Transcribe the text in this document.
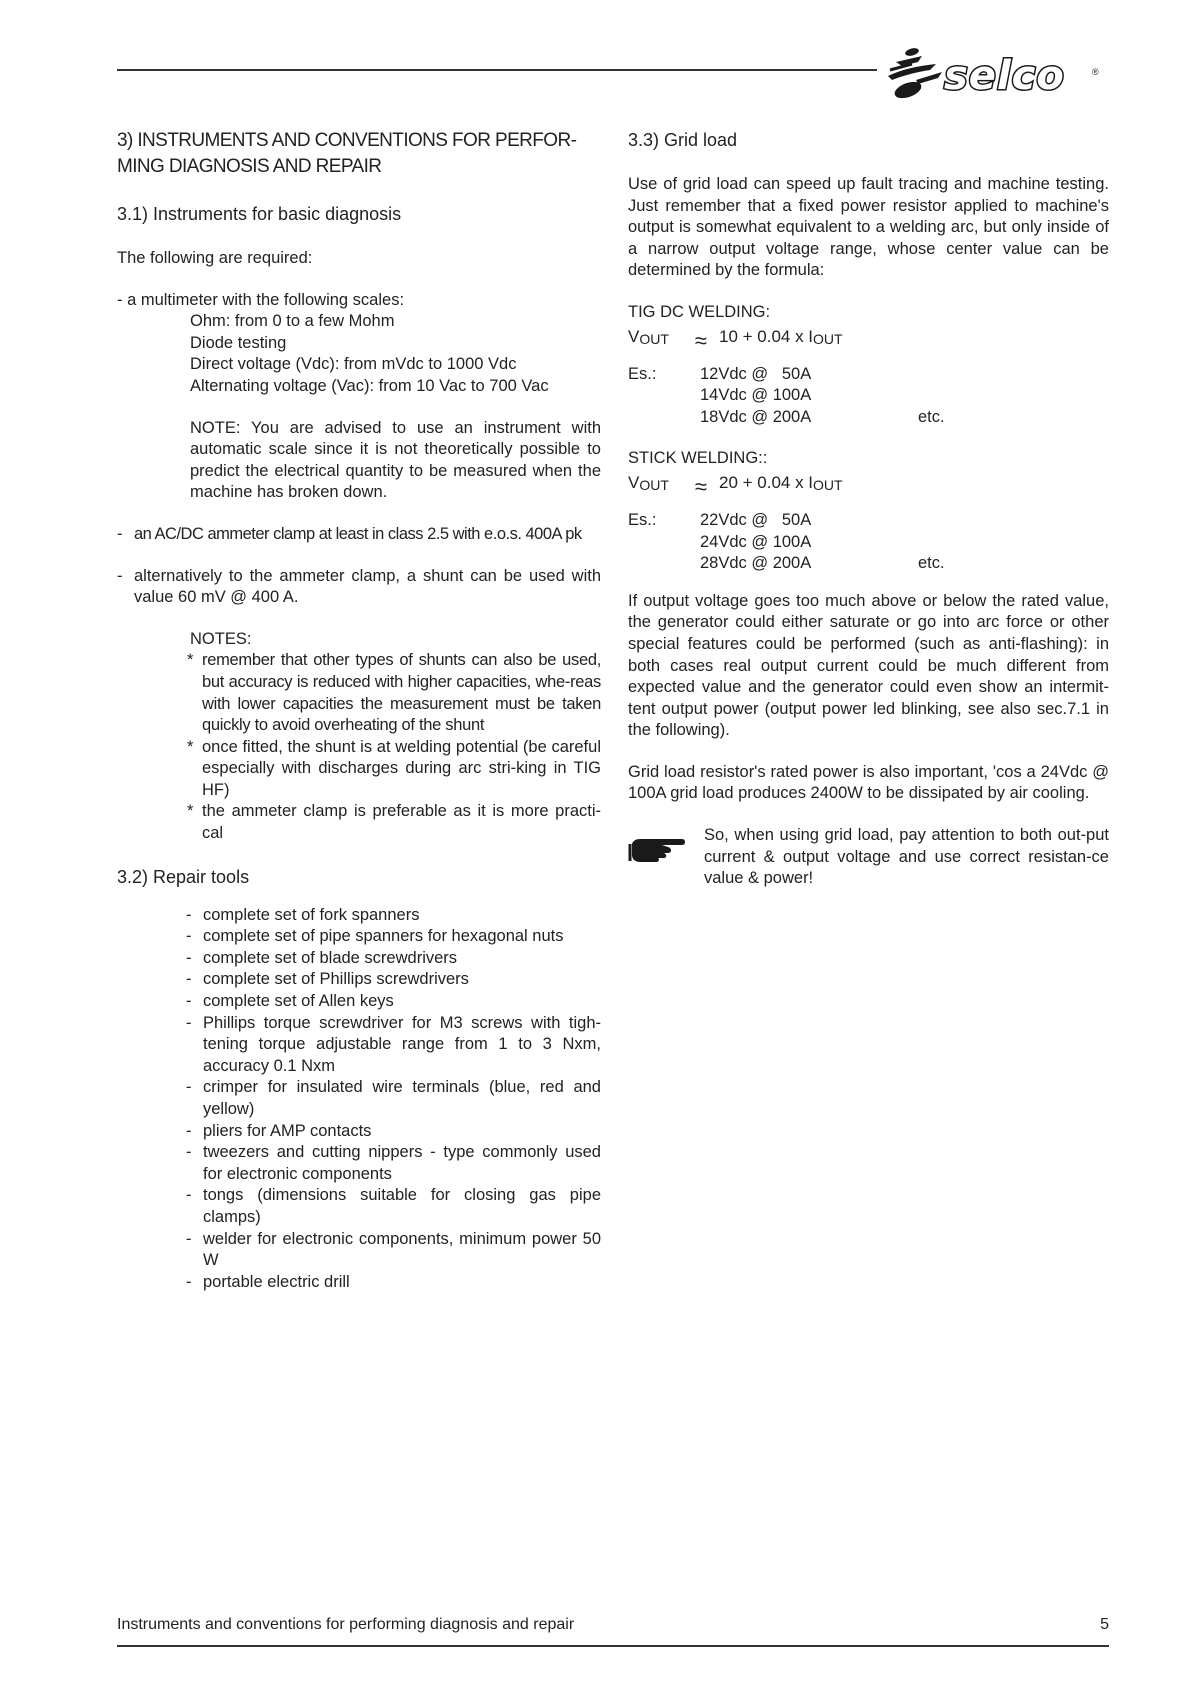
selco	®
3) INSTRUMENTS AND CONVENTIONS FOR PERFOR-
MING DIAGNOSIS AND REPAIR
3.1) Instruments for basic diagnosis
The following are required:
- a multimeter with the following scales:
Ohm: from 0 to a few Mohm
Diode testing
Direct voltage (Vdc): from mVdc to 1000 Vdc
Alternating voltage (Vac): from 10 Vac to 700 Vac
NOTE: You are advised to use an instrument with automatic scale since it is not theoretically possible to predict the electrical quantity to be measured when the machine has broken down.
- an AC/DC ammeter clamp at least in class 2.5 with e.o.s. 400A pk
- alternatively to the ammeter clamp, a shunt can be used with value 60 mV @ 400 A.
NOTES:
* remember that other types of shunts can also be used, but accuracy is reduced with higher capacities, whe-reas with lower capacities the measurement must be taken quickly to avoid overheating of the shunt
* once fitted, the shunt is at welding potential (be careful especially with discharges during arc stri-king in TIG HF)
* the ammeter clamp is preferable as it is more practi-cal
3.2) Repair tools
- complete set of fork spanners
- complete set of pipe spanners for hexagonal nuts
- complete set of blade screwdrivers
- complete set of Phillips screwdrivers
- complete set of Allen keys
- Phillips torque screwdriver for M3 screws with tigh-tening torque adjustable range from 1 to 3 Nxm, accuracy 0.1 Nxm
- crimper for insulated wire terminals (blue, red and yellow)
- pliers for AMP contacts
- tweezers and cutting nippers - type commonly used for electronic components
- tongs (dimensions suitable for closing gas pipe clamps)
- welder for electronic components, minimum power 50 W
- portable electric drill
3.3) Grid load
Use of grid load can speed up fault tracing and machine testing. Just remember that a fixed power resistor applied to machine's output is somewhat equivalent to a welding arc, but only inside of a narrow output voltage range, whose center value can be determined by the formula:
TIG DC WELDING:
V OUT ≈ 10 + 0.04 x I OUT
Es.:	12Vdc @   50A
14Vdc @ 100A
18Vdc @ 200A	etc.
STICK WELDING::
V OUT ≈ 20 + 0.04 x I OUT
Es.:	22Vdc @   50A
24Vdc @ 100A
28Vdc @ 200A	etc.
If output voltage goes too much above or below the rated value, the generator could either saturate or go into arc force or other special features could be performed (such as anti-flashing): in both cases real output current could be much different from expected value and the generator could even show an intermit-tent output power (output power led blinking, see also sec.7.1 in the following).
Grid load resistor's rated power is also important, 'cos a 24Vdc @ 100A grid load produces 2400W to be dissipated by air cooling.
So, when using grid load, pay attention to both out-put current & output voltage and use correct resistan-ce value & power!
Instruments and conventions for performing diagnosis and repair	5
